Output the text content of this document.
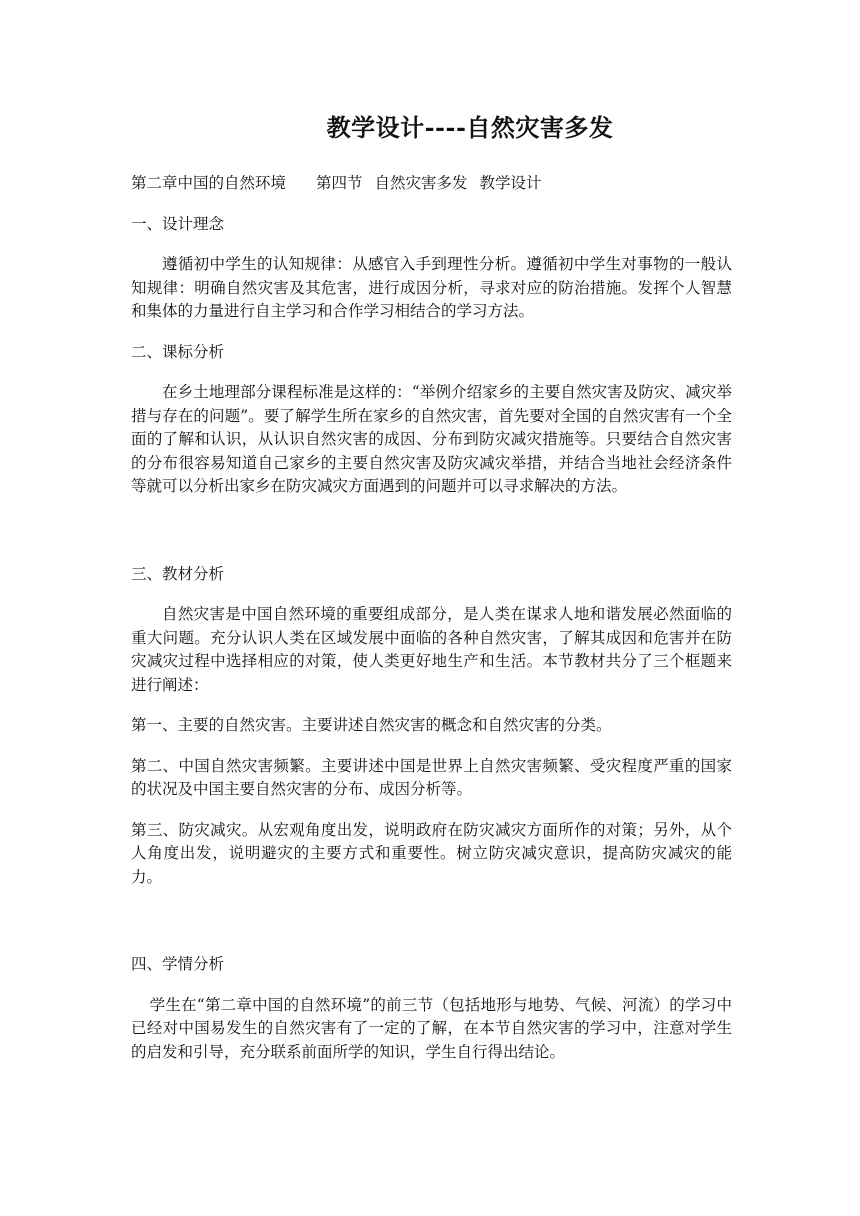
教学设计----自然灾害多发

第二章中国的自然环境 第四节 自然灾害多发 教学设计

一、设计理念

遵循初中学生的认知规律：从感官入手到理性分析。遵循初中学生对事物的一般认知规律：明确自然灾害及其危害，进行成因分析，寻求对应的防治措施。发挥个人智慧和集体的力量进行自主学习和合作学习相结合的学习方法。

二、课标分析

在乡土地理部分课程标准是这样的：“举例介绍家乡的主要自然灾害及防灾、减灾举措与存在的问题”。要了解学生所在家乡的自然灾害，首先要对全国的自然灾害有一个全面的了解和认识，从认识自然灾害的成因、分布到防灾减灾措施等。只要结合自然灾害的分布很容易知道自己家乡的主要自然灾害及防灾减灾举措，并结合当地社会经济条件等就可以分析出家乡在防灾减灾方面遇到的问题并可以寻求解决的方法。

三、教材分析

自然灾害是中国自然环境的重要组成部分，是人类在谋求人地和谐发展必然面临的重大问题。充分认识人类在区域发展中面临的各种自然灾害，了解其成因和危害并在防灾减灾过程中选择相应的对策，使人类更好地生产和生活。本节教材共分了三个框题来进行阐述：

第一、主要的自然灾害。主要讲述自然灾害的概念和自然灾害的分类。

第二、中国自然灾害频繁。主要讲述中国是世界上自然灾害频繁、受灾程度严重的国家的状况及中国主要自然灾害的分布、成因分析等。

第三、防灾减灾。从宏观角度出发，说明政府在防灾减灾方面所作的对策；另外，从个人角度出发，说明避灾的主要方式和重要性。树立防灾减灾意识，提高防灾减灾的能力。

四、学情分析

学生在“第二章中国的自然环境”的前三节（包括地形与地势、气候、河流）的学习中已经对中国易发生的自然灾害有了一定的了解，在本节自然灾害的学习中，注意对学生的启发和引导，充分联系前面所学的知识，学生自行得出结论。
